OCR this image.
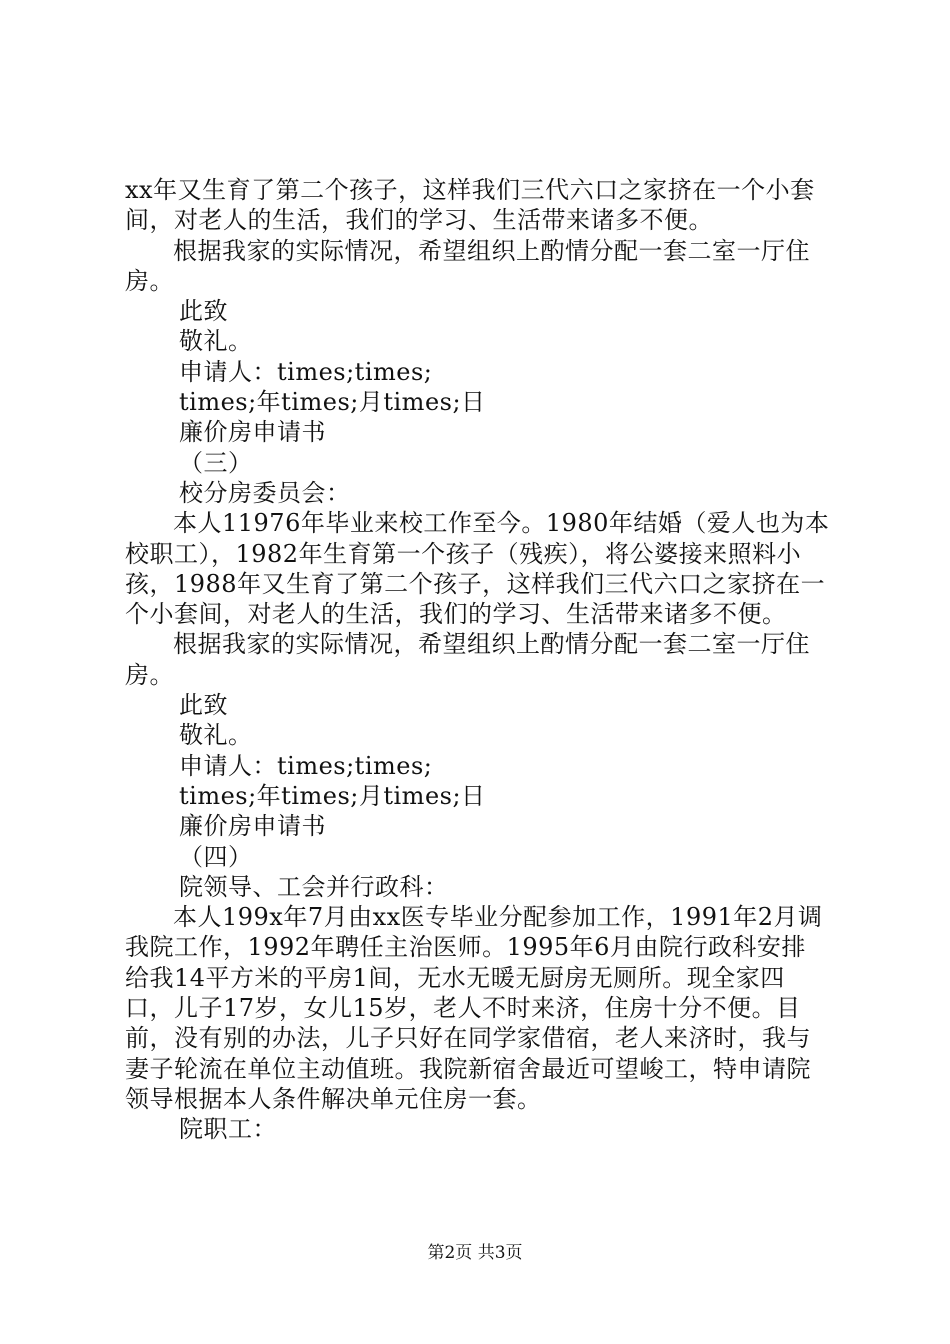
xx年又生育了第二个孩子，这样我们三代六口之家挤在一个小套间，对老人的生活，我们的学习、生活带来诸多不便。

根据我家的实际情况，希望组织上酌情分配一套二室一厅住房。

此致

敬礼。

申请人：times;times;

times;年times;月times;日

廉价房申请书

（三）

校分房委员会：

本人11976年毕业来校工作至今。1980年结婚（爱人也为本校职工），1982年生育第一个孩子（残疾），将公婆接来照料小孩，1988年又生育了第二个孩子，这样我们三代六口之家挤在一个小套间，对老人的生活，我们的学习、生活带来诸多不便。

根据我家的实际情况，希望组织上酌情分配一套二室一厅住房。

此致

敬礼。

申请人：times;times;

times;年times;月times;日

廉价房申请书

（四）

院领导、工会并行政科：

本人199x年7月由xx医专毕业分配参加工作，1991年2月调我院工作，1992年聘任主治医师。1995年6月由院行政科安排给我14平方米的平房1间，无水无暖无厨房无厕所。现全家四口，儿子17岁，女儿15岁，老人不时来济，住房十分不便。目前，没有别的办法，儿子只好在同学家借宿，老人来济时，我与妻子轮流在单位主动值班。我院新宿舍最近可望峻工，特申请院领导根据本人条件解决单元住房一套。

院职工：

第2页 共3页
